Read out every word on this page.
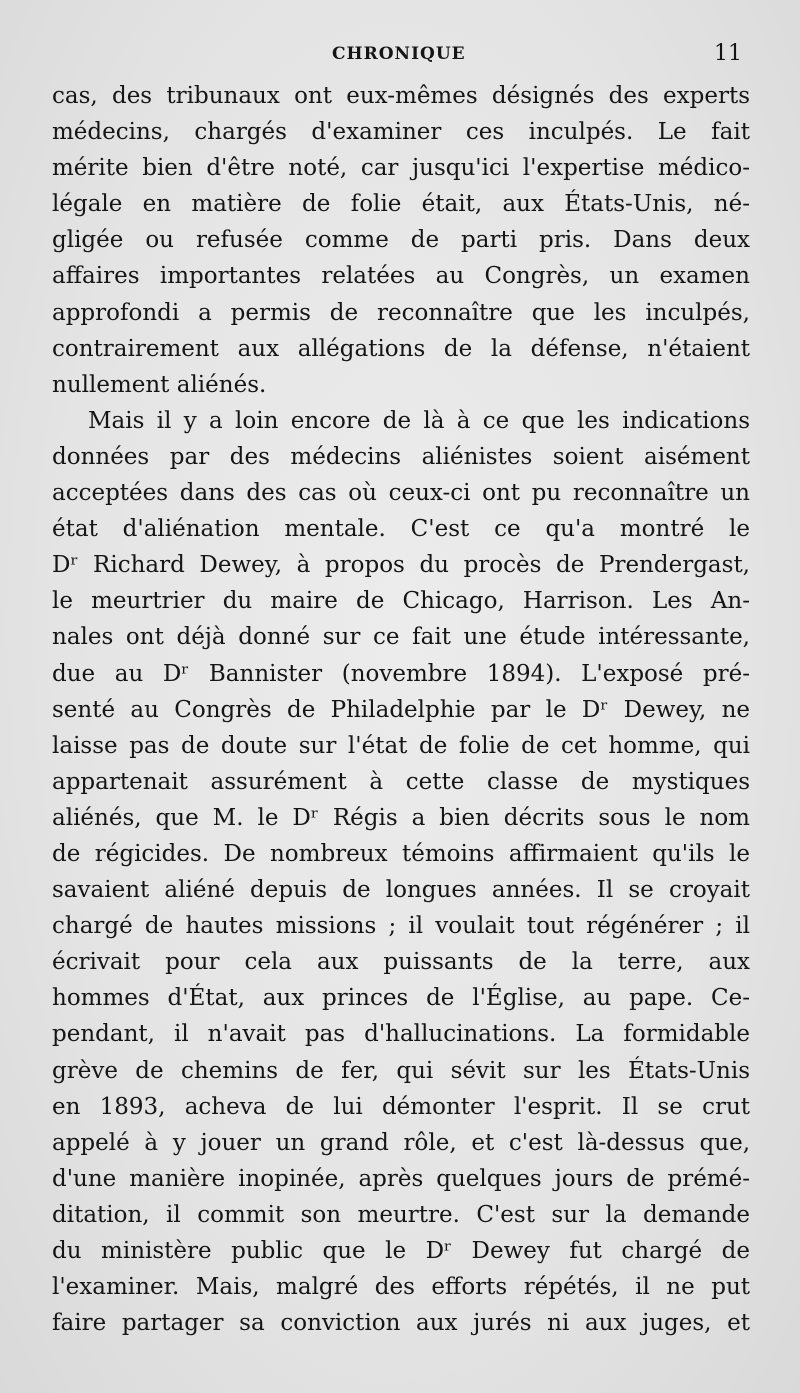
CHRONIQUE	11
cas, des tribunaux ont eux-mêmes désignés des experts
médecins, chargés d'examiner ces inculpés. Le fait
mérite bien d'être noté, car jusqu'ici l'expertise médico-
légale en matière de folie était, aux États-Unis, né-
gligée ou refusée comme de parti pris. Dans deux
affaires importantes relatées au Congrès, un examen
approfondi a permis de reconnaître que les inculpés,
contrairement aux allégations de la défense, n'étaient
nullement aliénés.
Mais il y a loin encore de là à ce que les indications
données par des médecins aliénistes soient aisément
acceptées dans des cas où ceux-ci ont pu reconnaître un
état d'aliénation mentale. C'est ce qu'a montré le
Dʳ Richard Dewey, à propos du procès de Prendergast,
le meurtrier du maire de Chicago, Harrison. Les An-
nales ont déjà donné sur ce fait une étude intéressante,
due au Dʳ Bannister (novembre 1894). L'exposé pré-
senté au Congrès de Philadelphie par le Dʳ Dewey, ne
laisse pas de doute sur l'état de folie de cet homme, qui
appartenait assurément à cette classe de mystiques
aliénés, que M. le Dʳ Régis a bien décrits sous le nom
de régicides. De nombreux témoins affirmaient qu'ils le
savaient aliéné depuis de longues années. Il se croyait
chargé de hautes missions ; il voulait tout régénérer ; il
écrivait pour cela aux puissants de la terre, aux
hommes d'État, aux princes de l'Église, au pape. Ce-
pendant, il n'avait pas d'hallucinations. La formidable
grève de chemins de fer, qui sévit sur les États-Unis
en 1893, acheva de lui démonter l'esprit. Il se crut
appelé à y jouer un grand rôle, et c'est là-dessus que,
d'une manière inopinée, après quelques jours de prémé-
ditation, il commit son meurtre. C'est sur la demande
du ministère public que le Dʳ Dewey fut chargé de
l'examiner. Mais, malgré des efforts répétés, il ne put
faire partager sa conviction aux jurés ni aux juges, et
